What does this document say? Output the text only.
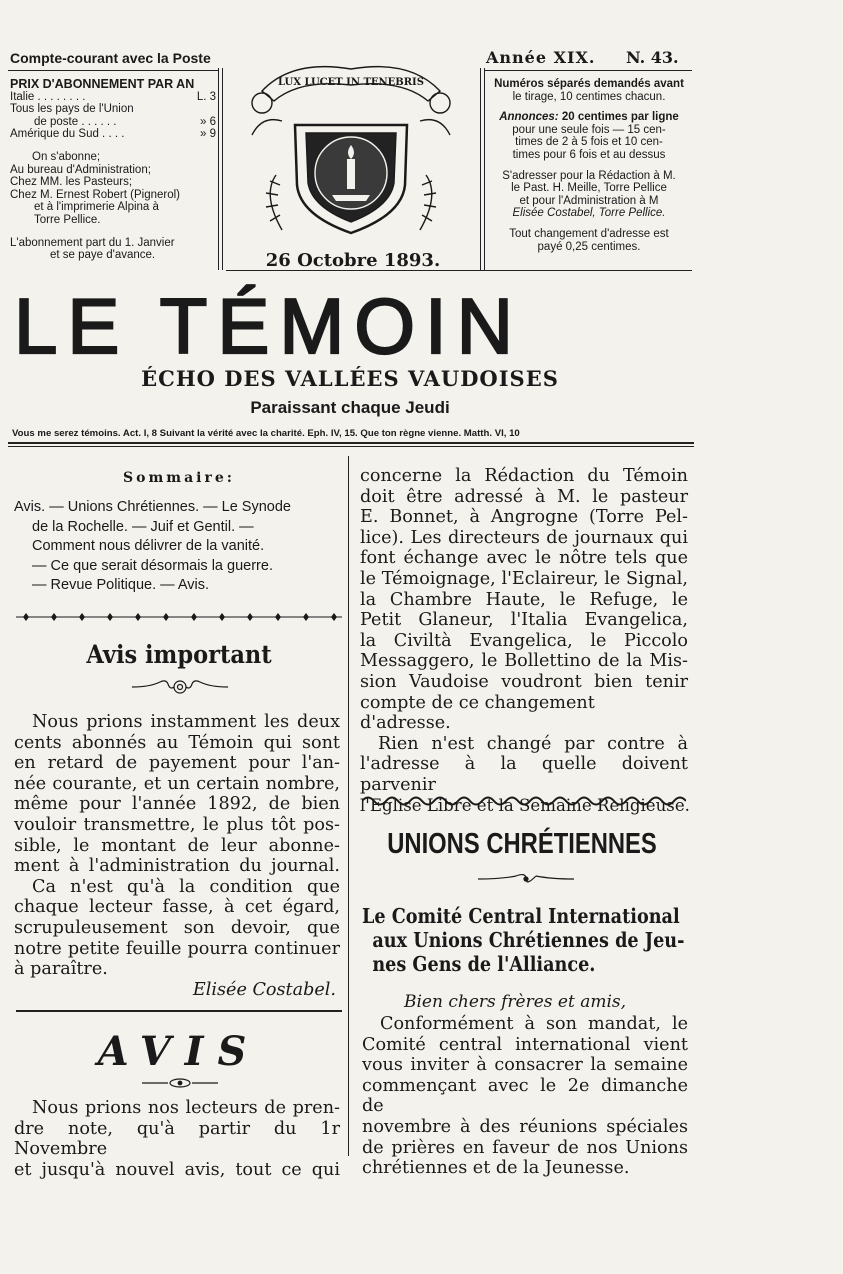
Compte-courant avec la Poste	Année XIX. N. 43.
PRIX D'ABONNEMENT PAR AN
Italie . . . . . . . .	L. 3
Tous les pays de l'Union
de poste . . . . . .	» 6
Amérique du Sud . . . .	» 9
On s'abonne;
Au bureau d'Administration;
Chez MM. les Pasteurs;
Chez M. Ernest Robert (Pignerol)
et à l'imprimerie Alpina à
Torre Pellice.
L'abonnement part du 1. Janvier
et se paye d'avance.
LUX LUCET IN TENEBRIS
26 Octobre 1893.
Numéros séparés demandés avant
le tirage, 10 centimes chacun.
Annonces: 20 centimes par ligne
pour une seule fois — 15 cen-
times de 2 à 5 fois et 10 cen-
times pour 6 fois et au dessus
S'adresser pour la Rédaction à M.
le Past. H. Meille, Torre Pellice
et pour l'Administration à M
Elisée Costabel, Torre Pellice.
Tout changement d'adresse est
payé 0,25 centimes.
LE TÉMOIN
ÉCHO DES VALLÉES VAUDOISES
Paraissant chaque Jeudi
Vous me serez témoins. Act. I, 8 Suivant la vérité avec la charité. Eph. IV, 15. Que ton règne vienne. Matth. VI, 10
Sommaire:
Avis. — Unions Chrétiennes. — Le Synode
de la Rochelle. — Juif et Gentil. —
Comment nous délivrer de la vanité.
— Ce que serait désormais la guerre.
— Revue Politique. — Avis.
Avis important
Nous prions instamment les deux
cents abonnés au Témoin qui sont
en retard de payement pour l'an-
née courante, et un certain nombre,
même pour l'année 1892, de bien
vouloir transmettre, le plus tôt pos-
sible, le montant de leur abonne-
ment à l'administration du journal.
Ca n'est qu'à la condition que
chaque lecteur fasse, à cet égard,
scrupuleusement son devoir, que
notre petite feuille pourra continuer
à paraître.
Elisée Costabel.
AVIS
Nous prions nos lecteurs de pren-
dre note, qu'à partir du 1r Novembre
et jusqu'à nouvel avis, tout ce qui
concerne la Rédaction du Témoin
doit être adressé à M. le pasteur
E. Bonnet, à Angrogne (Torre Pel-
lice). Les directeurs de journaux qui
font échange avec le nôtre tels que
le Témoignage, l'Eclaireur, le Signal,
la Chambre Haute, le Refuge, le
Petit Glaneur, l'Italia Evangelica,
la Civiltà Evangelica, le Piccolo
Messaggero, le Bollettino de la Mis-
sion Vaudoise voudront bien tenir
compte de ce changement d'adresse.
Rien n'est changé par contre à
l'adresse à la quelle doivent parvenir
l'Eglise Libre et la Semaine Religieuse.
UNIONS CHRÉTIENNES
Le Comité Central International
aux Unions Chrétiennes de Jeu-
nes Gens de l'Alliance.
Bien chers frères et amis,
Conformément à son mandat, le
Comité central international vient
vous inviter à consacrer la semaine
commençant avec le 2e dimanche de
novembre à des réunions spéciales
de prières en faveur de nos Unions
chrétiennes et de la Jeunesse.
